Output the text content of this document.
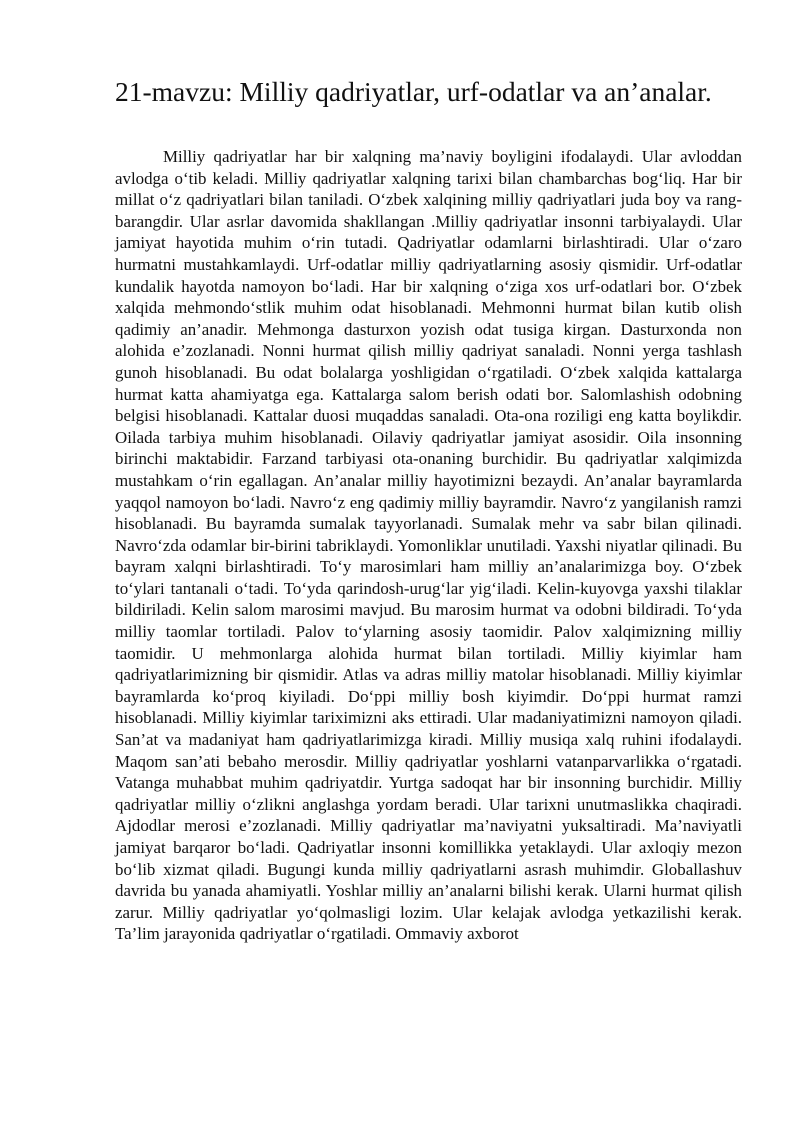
21-mavzu: Milliy qadriyatlar, urf-odatlar va an’analar.

Milliy qadriyatlar har bir xalqning ma’naviy boyligini ifodalaydi. Ular avloddan avlodga o‘tib keladi. Milliy qadriyatlar xalqning tarixi bilan chambarchas bog‘liq. Har bir millat o‘z qadriyatlari bilan taniladi. O‘zbek xalqining milliy qadriyatlari juda boy va rang-barangdir. Ular asrlar davomida shakllangan .Milliy qadriyatlar insonni tarbiyalaydi. Ular jamiyat hayotida muhim o‘rin tutadi. Qadriyatlar odamlarni birlashtiradi. Ular o‘zaro hurmatni mustahkamlaydi. Urf-odatlar milliy qadriyatlarning asosiy qismidir. Urf-odatlar kundalik hayotda namoyon bo‘ladi. Har bir xalqning o‘ziga xos urf-odatlari bor. O‘zbek xalqida mehmondo‘stlik muhim odat hisoblanadi. Mehmonni hurmat bilan kutib olish qadimiy an’anadir. Mehmonga dasturxon yozish odat tusiga kirgan. Dasturxonda non alohida e’zozlanadi. Nonni hurmat qilish milliy qadriyat sanaladi. Nonni yerga tashlash gunoh hisoblanadi. Bu odat bolalarga yoshligidan o‘rgatiladi. O‘zbek xalqida kattalarga hurmat katta ahamiyatga ega. Kattalarga salom berish odati bor. Salomlashish odobning belgisi hisoblanadi. Kattalar duosi muqaddas sanaladi. Ota-ona roziligi eng katta boylikdir. Oilada tarbiya muhim hisoblanadi. Oilaviy qadriyatlar jamiyat asosidir. Oila insonning birinchi maktabidir. Farzand tarbiyasi ota-onaning burchidir. Bu qadriyatlar xalqimizda mustahkam o‘rin egallagan. An’analar milliy hayotimizni bezaydi. An’analar bayramlarda yaqqol namoyon bo‘ladi. Navro‘z eng qadimiy milliy bayramdir. Navro‘z yangilanish ramzi hisoblanadi. Bu bayramda sumalak tayyorlanadi. Sumalak mehr va sabr bilan qilinadi. Navro‘zda odamlar bir-birini tabriklaydi. Yomonliklar unutiladi. Yaxshi niyatlar qilinadi. Bu bayram xalqni birlashtiradi. To‘y marosimlari ham milliy an’analarimizga boy. O‘zbek to‘ylari tantanali o‘tadi. To‘yda qarindosh-urug‘lar yig‘iladi. Kelin-kuyovga yaxshi tilaklar bildiriladi. Kelin salom marosimi mavjud. Bu marosim hurmat va odobni bildiradi. To‘yda milliy taomlar tortiladi. Palov to‘ylarning asosiy taomidir. Palov xalqimizning milliy taomidir. U mehmonlarga alohida hurmat bilan tortiladi. Milliy kiyimlar ham qadriyatlarimizning bir qismidir. Atlas va adras milliy matolar hisoblanadi. Milliy kiyimlar bayramlarda ko‘proq kiyiladi. Do‘ppi milliy bosh kiyimdir. Do‘ppi hurmat ramzi hisoblanadi. Milliy kiyimlar tariximizni aks ettiradi. Ular madaniyatimizni namoyon qiladi. San’at va madaniyat ham qadriyatlarimizga kiradi. Milliy musiqa xalq ruhini ifodalaydi. Maqom san’ati bebaho merosdir. Milliy qadriyatlar yoshlarni vatanparvarlikka o‘rgatadi. Vatanga muhabbat muhim qadriyatdir. Yurtga sadoqat har bir insonning burchidir. Milliy qadriyatlar milliy o‘zlikni anglashga yordam beradi. Ular tarixni unutmaslikka chaqiradi. Ajdodlar merosi e’zozlanadi. Milliy qadriyatlar ma’naviyatni yuksaltiradi. Ma’naviyatli jamiyat barqaror bo‘ladi. Qadriyatlar insonni komillikka yetaklaydi. Ular axloqiy mezon bo‘lib xizmat qiladi. Bugungi kunda milliy qadriyatlarni asrash muhimdir. Globallashuv davrida bu yanada ahamiyatli. Yoshlar milliy an’analarni bilishi kerak. Ularni hurmat qilish zarur. Milliy qadriyatlar yo‘qolmasligi lozim. Ular kelajak avlodga yetkazilishi kerak. Ta’lim jarayonida qadriyatlar o‘rgatiladi. Ommaviy axborot
